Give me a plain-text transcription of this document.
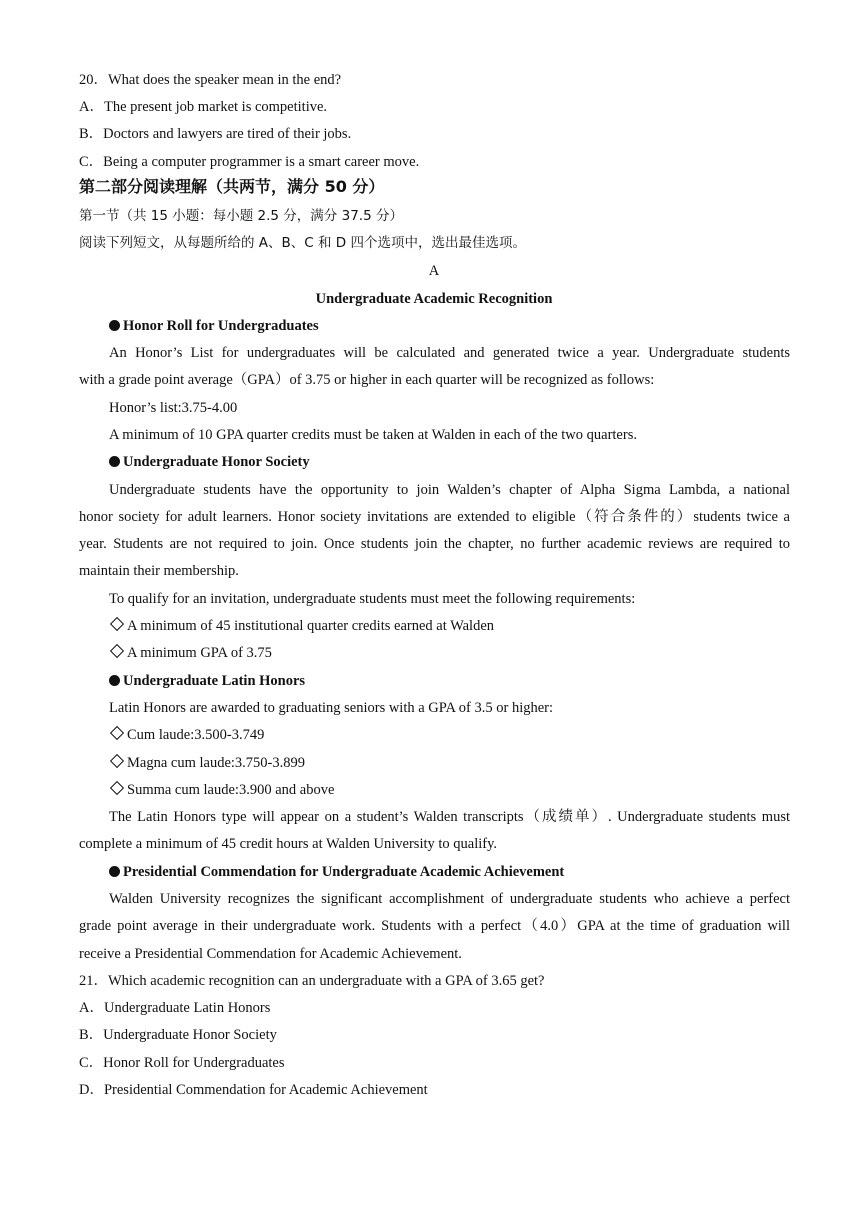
20．What does the speaker mean in the end?
A．The present job market is competitive.
B．Doctors and lawyers are tired of their jobs.
C．Being a computer programmer is a smart career move.
第二部分阅读理解（共两节，满分 50 分）
第一节（共 15 小题：每小题 2.5 分，满分 37.5 分）
阅读下列短文，从每题所给的 A、B、C 和 D 四个选项中，选出最佳选项。
A
Undergraduate Academic Recognition
Honor Roll for Undergraduates
An Honor’s List for undergraduates will be calculated and generated twice a year. Undergraduate students
with a grade point average（GPA）of 3.75 or higher in each quarter will be recognized as follows:
Honor’s list:3.75-4.00
A minimum of 10 GPA quarter credits must be taken at Walden in each of the two quarters.
Undergraduate Honor Society
Undergraduate students have the opportunity to join Walden’s chapter of Alpha Sigma Lambda, a national
honor society for adult learners. Honor society invitations are extended to eligible（符合条件的）students twice a
year. Students are not required to join. Once students join the chapter, no further academic reviews are required to
maintain their membership.
To qualify for an invitation, undergraduate students must meet the following requirements:
A minimum of 45 institutional quarter credits earned at Walden
A minimum GPA of 3.75
Undergraduate Latin Honors
Latin Honors are awarded to graduating seniors with a GPA of 3.5 or higher:
Cum laude:3.500-3.749
Magna cum laude:3.750-3.899
Summa cum laude:3.900 and above
The Latin Honors type will appear on a student’s Walden transcripts（成绩单）. Undergraduate students must
complete a minimum of 45 credit hours at Walden University to qualify.
Presidential Commendation for Undergraduate Academic Achievement
Walden University recognizes the significant accomplishment of undergraduate students who achieve a perfect
grade point average in their undergraduate work. Students with a perfect（4.0）GPA at the time of graduation will
receive a Presidential Commendation for Academic Achievement.
21．Which academic recognition can an undergraduate with a GPA of 3.65 get?
A．Undergraduate Latin Honors
B．Undergraduate Honor Society
C．Honor Roll for Undergraduates
D．Presidential Commendation for Academic Achievement
